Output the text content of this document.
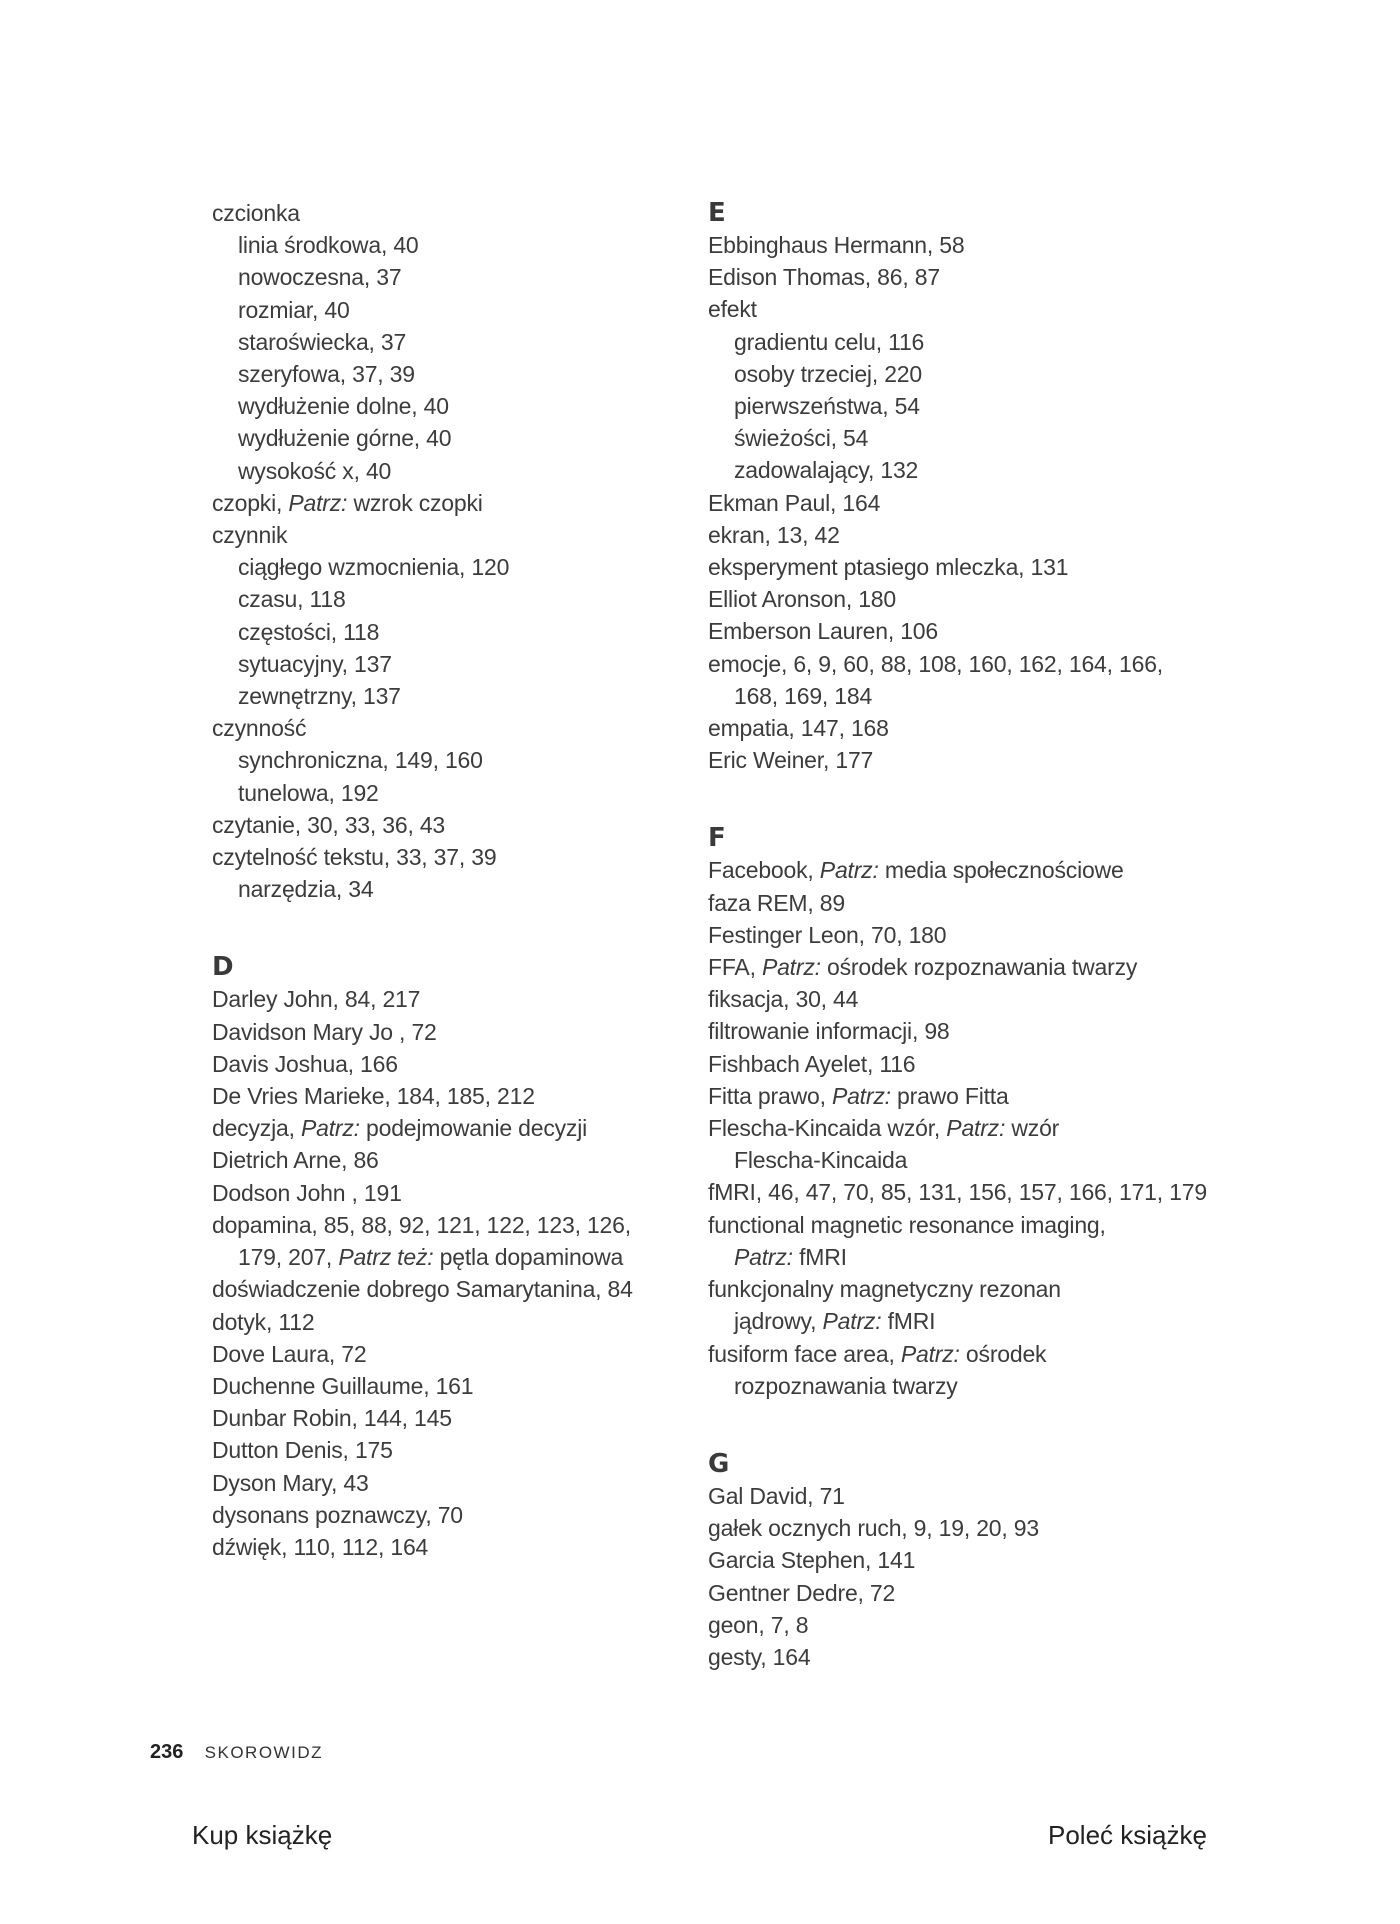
czcionka
linia środkowa, 40
nowoczesna, 37
rozmiar, 40
staroświecka, 37
szeryfowa, 37, 39
wydłużenie dolne, 40
wydłużenie górne, 40
wysokość x, 40
czopki, Patrz: wzrok czopki
czynnik
ciągłego wzmocnienia, 120
czasu, 118
częstości, 118
sytuacyjny, 137
zewnętrzny, 137
czynność
synchroniczna, 149, 160
tunelowa, 192
czytanie, 30, 33, 36, 43
czytelność tekstu, 33, 37, 39
narzędzia, 34
D
Darley John, 84, 217
Davidson Mary Jo , 72
Davis Joshua, 166
De Vries Marieke, 184, 185, 212
decyzja, Patrz: podejmowanie decyzji
Dietrich Arne, 86
Dodson John , 191
dopamina, 85, 88, 92, 121, 122, 123, 126,
179, 207, Patrz też: pętla dopaminowa
doświadczenie dobrego Samarytanina, 84
dotyk, 112
Dove Laura, 72
Duchenne Guillaume, 161
Dunbar Robin, 144, 145
Dutton Denis, 175
Dyson Mary, 43
dysonans poznawczy, 70
dźwięk, 110, 112, 164
E
Ebbinghaus Hermann, 58
Edison Thomas, 86, 87
efekt
gradientu celu, 116
osoby trzeciej, 220
pierwszeństwa, 54
świeżości, 54
zadowalający, 132
Ekman Paul, 164
ekran, 13, 42
eksperyment ptasiego mleczka, 131
Elliot Aronson, 180
Emberson Lauren, 106
emocje, 6, 9, 60, 88, 108, 160, 162, 164, 166,
168, 169, 184
empatia, 147, 168
Eric Weiner, 177
F
Facebook, Patrz: media społecznościowe
faza REM, 89
Festinger Leon, 70, 180
FFA, Patrz: ośrodek rozpoznawania twarzy
fiksacja, 30, 44
filtrowanie informacji, 98
Fishbach Ayelet, 116
Fitta prawo, Patrz: prawo Fitta
Flescha-Kincaida wzór, Patrz: wzór
Flescha-Kincaida
fMRI, 46, 47, 70, 85, 131, 156, 157, 166, 171, 179
functional magnetic resonance imaging,
Patrz: fMRI
funkcjonalny magnetyczny rezonan
jądrowy, Patrz: fMRI
fusiform face area, Patrz: ośrodek
rozpoznawania twarzy
G
Gal David, 71
gałek ocznych ruch, 9, 19, 20, 93
Garcia Stephen, 141
Gentner Dedre, 72
geon, 7, 8
gesty, 164
236 SKOROWIDZ
Kup książkę	Poleć książkę
